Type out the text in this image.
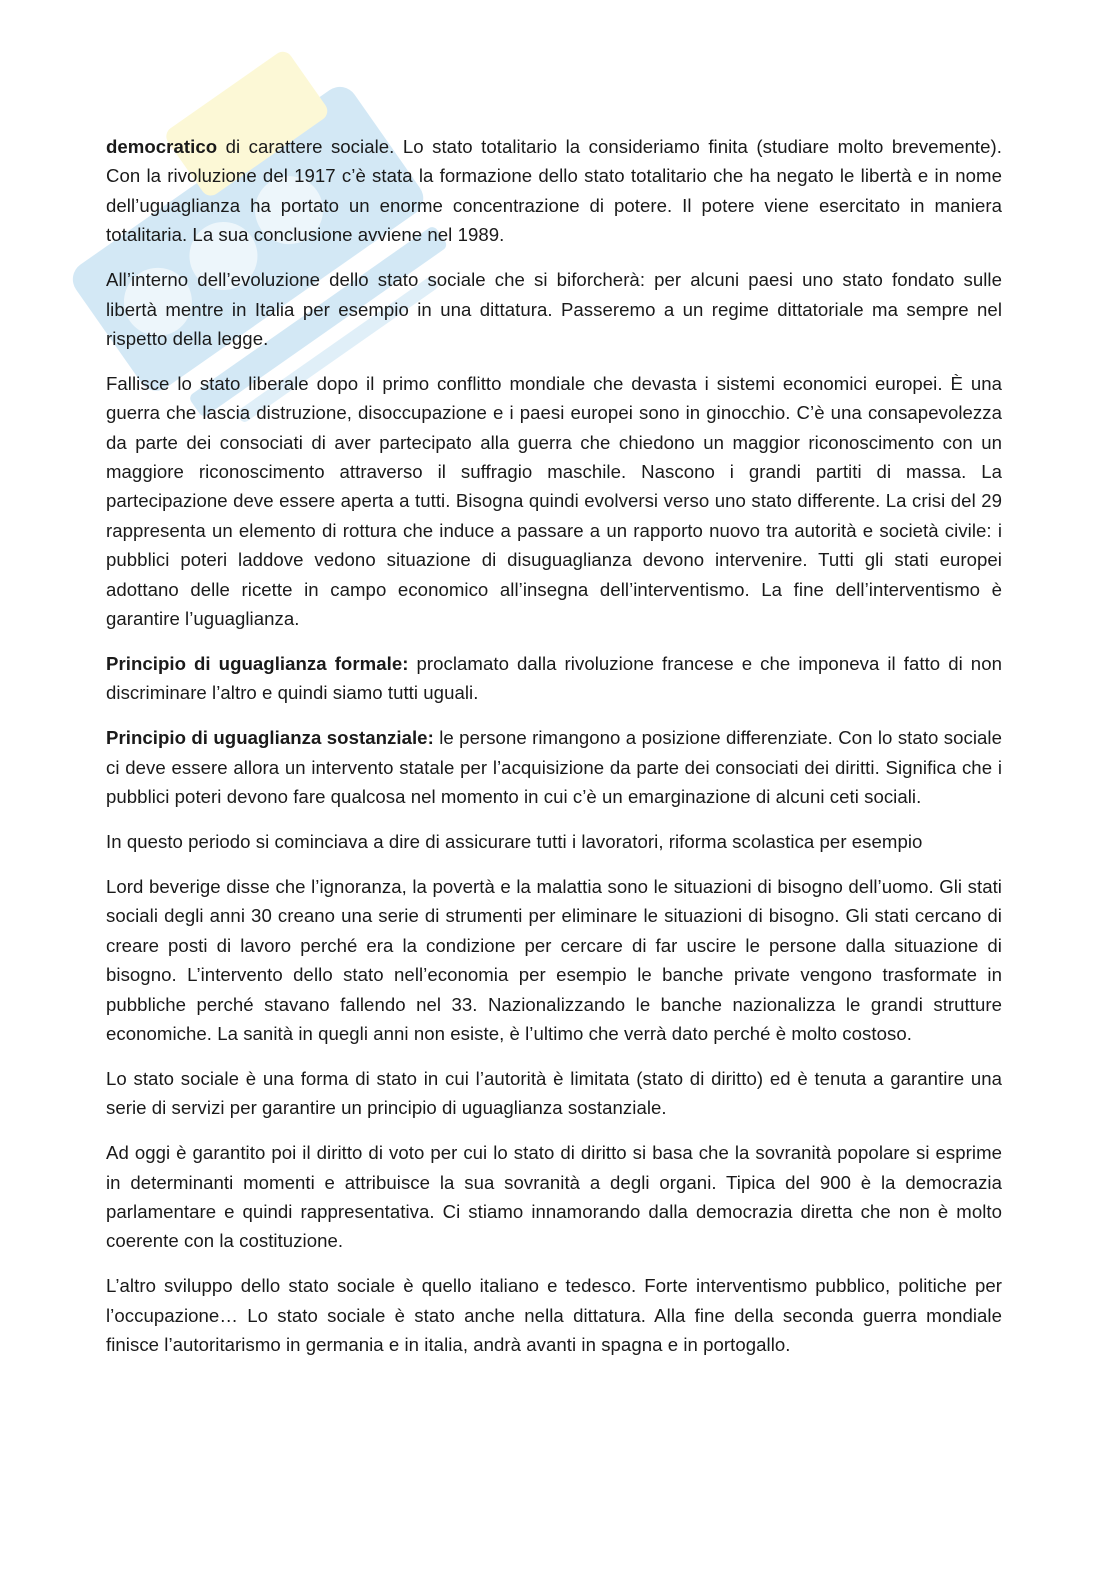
democratico di carattere sociale. Lo stato totalitario la consideriamo finita (studiare molto brevemente). Con la rivoluzione del 1917 c’è stata la formazione dello stato totalitario che ha negato le libertà e in nome dell’uguaglianza ha portato un enorme concentrazione di potere. Il potere viene esercitato in maniera totalitaria. La sua conclusione avviene nel 1989.

All’interno dell’evoluzione dello stato sociale che si biforcherà: per alcuni paesi uno stato fondato sulle libertà mentre in Italia per esempio in una dittatura. Passeremo a un regime dittatoriale ma sempre nel rispetto della legge.

Fallisce lo stato liberale dopo il primo conflitto mondiale che devasta i sistemi economici europei. È una guerra che lascia distruzione, disoccupazione e i paesi europei sono in ginocchio. C’è una consapevolezza da parte dei consociati di aver partecipato alla guerra che chiedono un maggior riconoscimento con un maggiore riconoscimento attraverso il suffragio maschile. Nascono i grandi partiti di massa. La partecipazione deve essere aperta a tutti. Bisogna quindi evolversi verso uno stato differente. La crisi del 29 rappresenta un elemento di rottura che induce a passare a un rapporto nuovo tra autorità e società civile: i pubblici poteri laddove vedono situazione di disuguaglianza devono intervenire. Tutti gli stati europei adottano delle ricette in campo economico all’insegna dell’interventismo. La fine dell’interventismo è garantire l’uguaglianza.

Principio di uguaglianza formale: proclamato dalla rivoluzione francese e che imponeva il fatto di non discriminare l’altro e quindi siamo tutti uguali.

Principio di uguaglianza sostanziale: le persone rimangono a posizione differenziate. Con lo stato sociale ci deve essere allora un intervento statale per l’acquisizione da parte dei consociati dei diritti. Significa che i pubblici poteri devono fare qualcosa nel momento in cui c’è un emarginazione di alcuni ceti sociali.

In questo periodo si cominciava a dire di assicurare tutti i lavoratori, riforma scolastica per esempio

Lord beverige disse che l’ignoranza, la povertà e la malattia sono le situazioni di bisogno dell’uomo. Gli stati sociali degli anni 30 creano una serie di strumenti per eliminare le situazioni di bisogno. Gli stati cercano di creare posti di lavoro perché era la condizione per cercare di far uscire le persone dalla situazione di bisogno. L’intervento dello stato nell’economia per esempio le banche private vengono trasformate in pubbliche perché stavano fallendo nel 33. Nazionalizzando le banche nazionalizza le grandi strutture economiche. La sanità in quegli anni non esiste, è l’ultimo che verrà dato perché è molto costoso.

Lo stato sociale è una forma di stato in cui l’autorità è limitata (stato di diritto) ed è tenuta a garantire una serie di servizi per garantire un principio di uguaglianza sostanziale.

Ad oggi è garantito poi il diritto di voto per cui lo stato di diritto si basa che la sovranità popolare si esprime in determinanti momenti e attribuisce la sua sovranità a degli organi. Tipica del 900 è la democrazia parlamentare e quindi rappresentativa. Ci stiamo innamorando dalla democrazia diretta che non è molto coerente con la costituzione.

L’altro sviluppo dello stato sociale è quello italiano e tedesco. Forte interventismo pubblico, politiche per l’occupazione… Lo stato sociale è stato anche nella dittatura. Alla fine della seconda guerra mondiale finisce l’autoritarismo in germania e in italia, andrà avanti in spagna e in portogallo.
